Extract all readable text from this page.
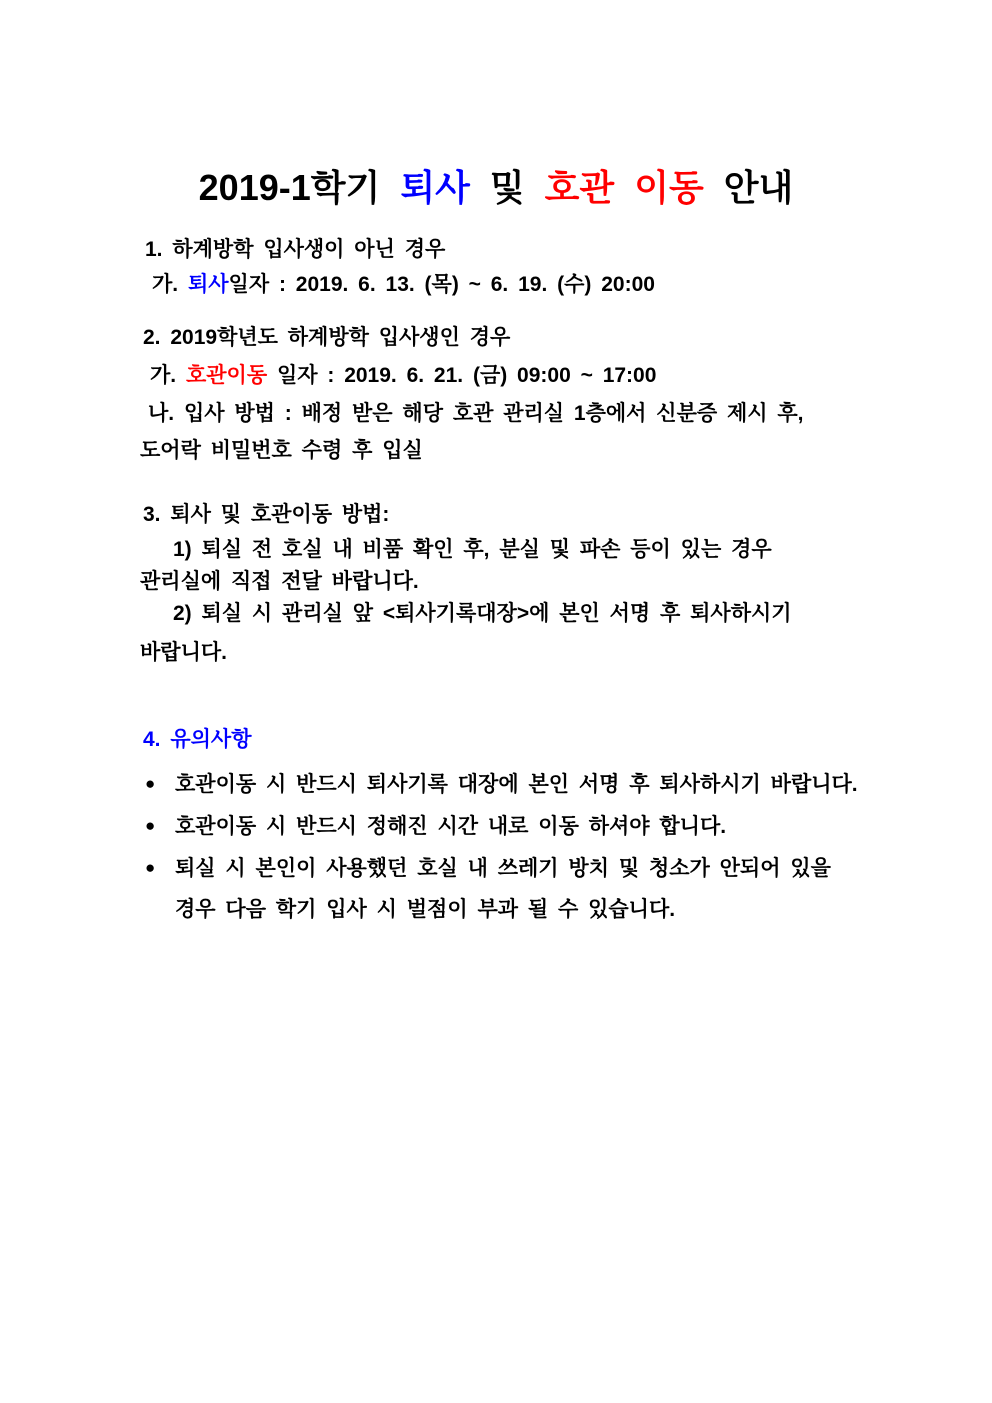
2019-1학기 퇴사 및 호관 이동 안내
1. 하계방학 입사생이 아닌 경우
가. 퇴사일자 : 2019. 6. 13. (목) ~ 6. 19. (수) 20:00
2. 2019학년도 하계방학 입사생인 경우
가. 호관이동 일자 : 2019. 6. 21. (금) 09:00 ~ 17:00
나. 입사 방법 : 배정 받은 해당 호관 관리실 1층에서 신분증 제시 후,
도어락 비밀번호 수령 후 입실
3. 퇴사 및 호관이동 방법:
1) 퇴실 전 호실 내 비품 확인 후, 분실 및 파손 등이 있는 경우
관리실에 직접 전달 바랍니다.
2) 퇴실 시 관리실 앞 <퇴사기록대장>에 본인 서명 후 퇴사하시기
바랍니다.
4. 유의사항
● 호관이동 시 반드시 퇴사기록 대장에 본인 서명 후 퇴사하시기 바랍니다.
● 호관이동 시 반드시 정해진 시간 내로 이동 하셔야 합니다.
● 퇴실 시 본인이 사용했던 호실 내 쓰레기 방치 및 청소가 안되어 있을
경우 다음 학기 입사 시 벌점이 부과 될 수 있습니다.
